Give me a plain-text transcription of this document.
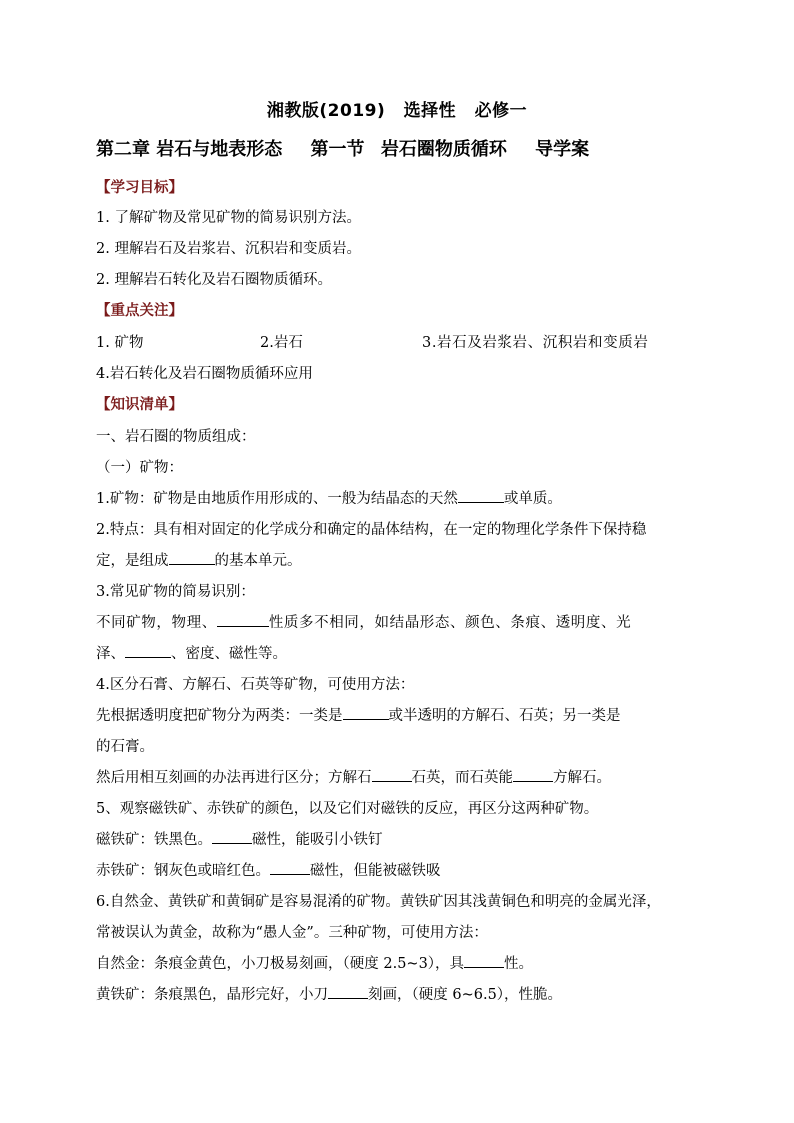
湘教版(2019) 选择性 必修一
第二章 岩石与地表形态 第一节 岩石圈物质循环 导学案
【学习目标】
1. 了解矿物及常见矿物的简易识别方法。
2. 理解岩石及岩浆岩、沉积岩和变质岩。
2. 理解岩石转化及岩石圈物质循环。
【重点关注】
1. 矿物	2.岩石	3.岩石及岩浆岩、沉积岩和变质岩
4.岩石转化及岩石圈物质循环应用
【知识清单】
一、岩石圈的物质组成：
（一）矿物：
1.矿物：矿物是由地质作用形成的、一般为结晶态的天然	或单质。
2.特点：具有相对固定的化学成分和确定的晶体结构，在一定的物理化学条件下保持稳
定，是组成	的基本单元。
3.常见矿物的简易识别：
不同矿物，物理、	性质多不相同，如结晶形态、颜色、条痕、透明度、光
泽、	、密度、磁性等。
4.区分石膏、方解石、石英等矿物，可使用方法：
先根据透明度把矿物分为两类：一类是	或半透明的方解石、石英；另一类是
的石膏。
然后用相互刻画的办法再进行区分；方解石	石英，而石英能	方解石。
5、观察磁铁矿、赤铁矿的颜色，以及它们对磁铁的反应，再区分这两种矿物。
磁铁矿：铁黑色。	磁性，能吸引小铁钉
赤铁矿：钢灰色或暗红色。	磁性，但能被磁铁吸
6.自然金、黄铁矿和黄铜矿是容易混淆的矿物。黄铁矿因其浅黄铜色和明亮的金属光泽，
常被误认为黄金，故称为“愚人金”。三种矿物，可使用方法：
自然金：条痕金黄色，小刀极易刻画，（硬度 2.5~3），具	性。
黄铁矿：条痕黑色，晶形完好，小刀	刻画，（硬度 6~6.5），性脆。
